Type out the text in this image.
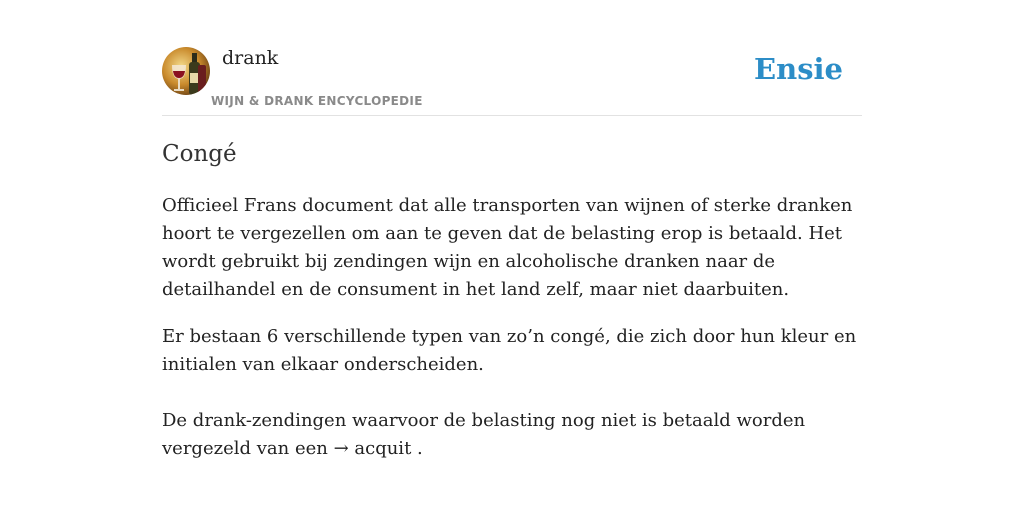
drank
WIJN & DRANK ENCYCLOPEDIE
Ensie
Congé

Officieel Frans document dat alle transporten van wijnen of sterke dranken hoort te vergezellen om aan te geven dat de belasting erop is betaald. Het wordt gebruikt bij zendingen wijn en alcoholische dranken naar de detailhandel en de consument in het land zelf, maar niet daarbuiten.

Er bestaan 6 verschillende typen van zo’n congé, die zich door hun kleur en initialen van elkaar onderscheiden.

De drank-zendingen waarvoor de belasting nog niet is betaald worden vergezeld van een → acquit .
